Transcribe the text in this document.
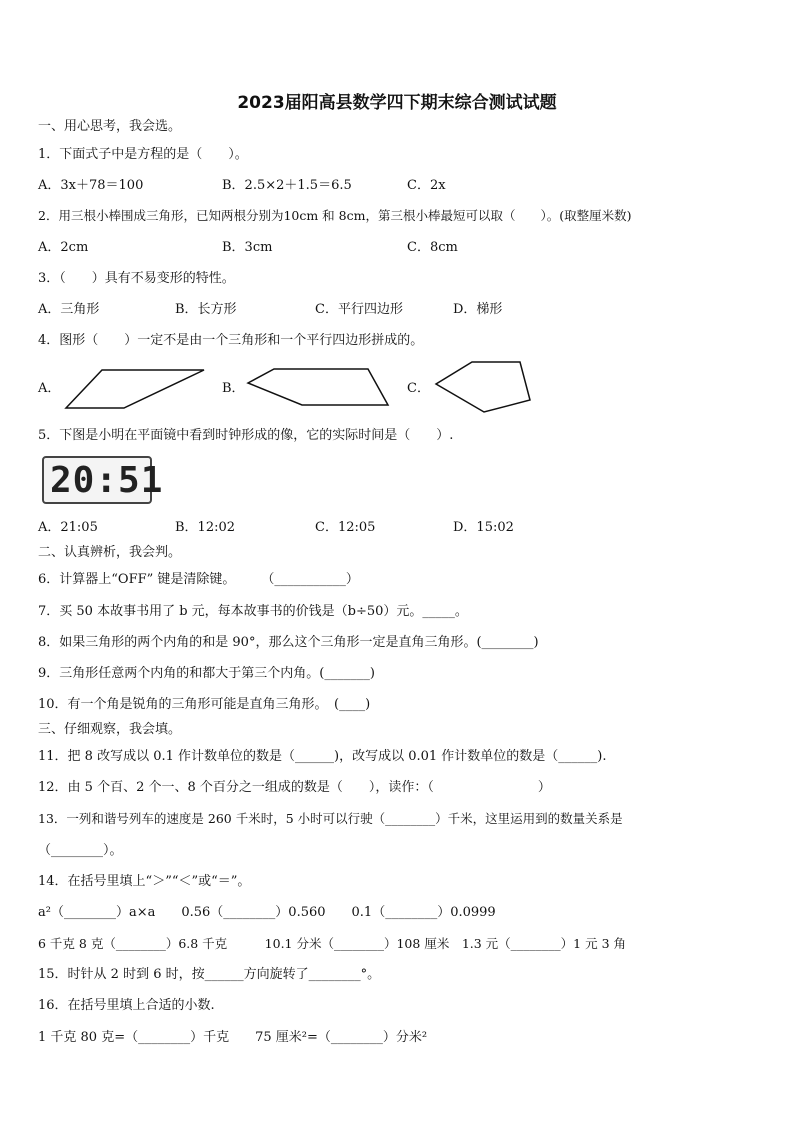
2023届阳高县数学四下期末综合测试试题
一、用心思考，我会选。
1．下面式子中是方程的是（　　）。
A．3x＋78＝100	B．2.5×2＋1.5＝6.5	C．2x
2．用三根小棒围成三角形，已知两根分别为10cm 和 8cm，第三根小棒最短可以取（　　）。(取整厘米数)
A．2cm	B．3cm	C．8cm
3．（　　）具有不易变形的特性。
A．三角形	B．长方形	C．平行四边形	D．梯形
4．图形（　　）一定不是由一个三角形和一个平行四边形拼成的。
A．	B．	C．
5．下图是小明在平面镜中看到时钟形成的像，它的实际时间是（　　）.
20:51
A．21:05	B．12:02	C．12:05	D．15:02
二、认真辨析，我会判。
6．计算器上“OFF” 键是清除键。　　　（___________）
7．买 50 本故事书用了 b 元，每本故事书的价钱是（b÷50）元。_____。
8．如果三角形的两个内角的和是 90°，那么这个三角形一定是直角三角形。(________)
9．三角形任意两个内角的和都大于第三个内角。(_______)
10．有一个角是锐角的三角形可能是直角三角形。　(____)
三、仔细观察，我会填。
11．把 8 改写成以 0.1 作计数单位的数是（______)，改写成以 0.01 作计数单位的数是（______).
12．由 5 个百、2 个一、8 个百分之一组成的数是（　　），读作：（　　　　　　　　）
13．一列和谐号列车的速度是 260 千米时，5 小时可以行驶（________）千米，这里运用到的数量关系是
（________）。
14．在括号里填上“＞”“＜”或“＝”。
a²（________）a×a　　0.56（________）0.560　　0.1（________）0.0999
6 千克 8 克（________）6.8 千克　　　10.1 分米（________）108 厘米　1.3 元（________）1 元 3 角
15．时针从 2 时到 6 时，按______方向旋转了________°。
16．在括号里填上合适的小数.
1 千克 80 克=（________）千克　　75 厘米²=（________）分米²
